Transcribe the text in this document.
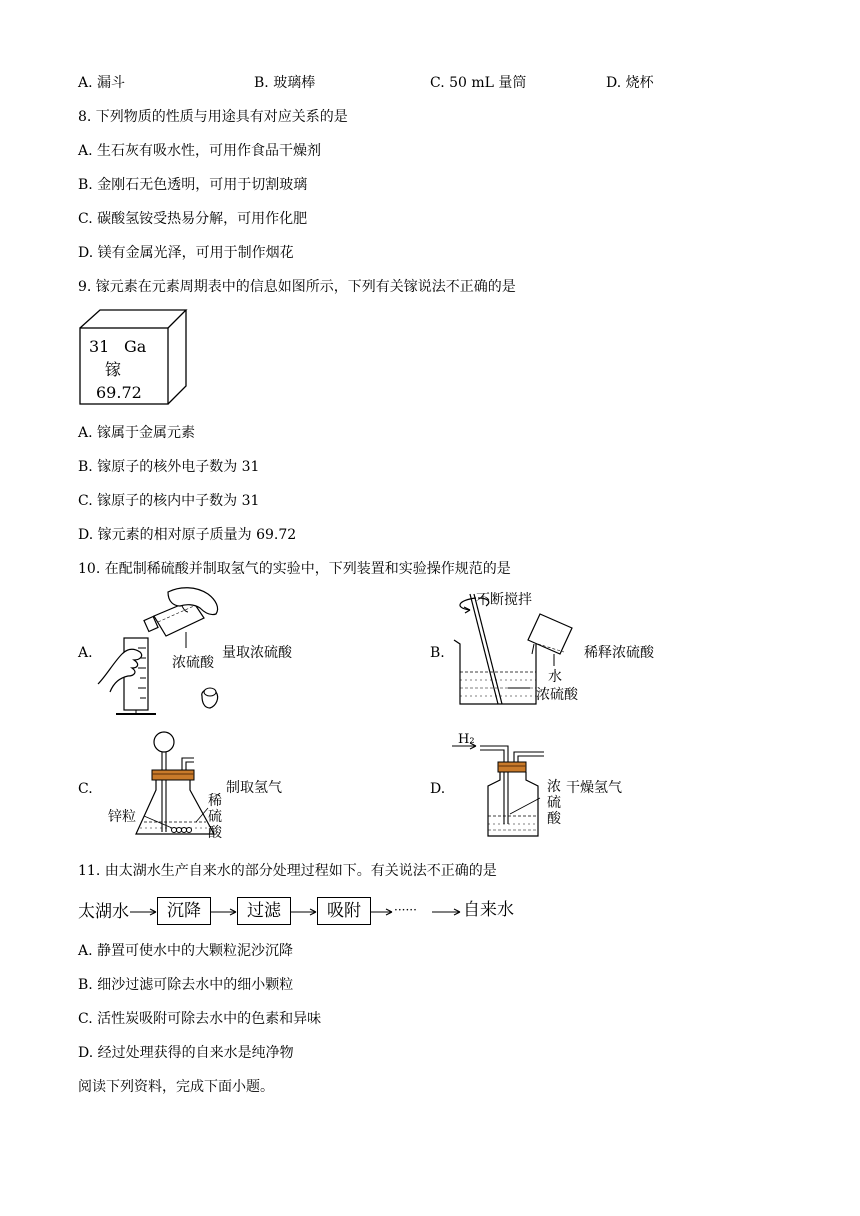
A. 漏斗	B. 玻璃棒	C. 50 mL 量筒	D. 烧杯
8. 下列物质的性质与用途具有对应关系的是
A. 生石灰有吸水性，可用作食品干燥剂
B. 金刚石无色透明，可用于切割玻璃
C. 碳酸氢铵受热易分解，可用作化肥
D. 镁有金属光泽，可用于制作烟花
9. 镓元素在元素周期表中的信息如图所示，下列有关镓说法不正确的是
31 Ga
镓
69.72
A. 镓属于金属元素
B. 镓原子的核外电子数为 31
C. 镓原子的核内中子数为 31
D. 镓元素的相对原子质量为 69.72
10. 在配制稀硫酸并制取氢气的实验中，下列装置和实验操作规范的是
A.
浓硫酸
量取浓硫酸	B.
不断搅拌
水
浓硫酸
稀释浓硫酸
C.
锌粒
稀
硫
酸
制取氢气	D.
H₂
浓
硫
酸
干燥氢气
11. 由太湖水生产自来水的部分处理过程如下。有关说法不正确的是
太湖水	沉降	过滤	吸附	······	自来水
A. 静置可使水中的大颗粒泥沙沉降
B. 细沙过滤可除去水中的细小颗粒
C. 活性炭吸附可除去水中的色素和异味
D. 经过处理获得的自来水是纯净物
阅读下列资料，完成下面小题。
